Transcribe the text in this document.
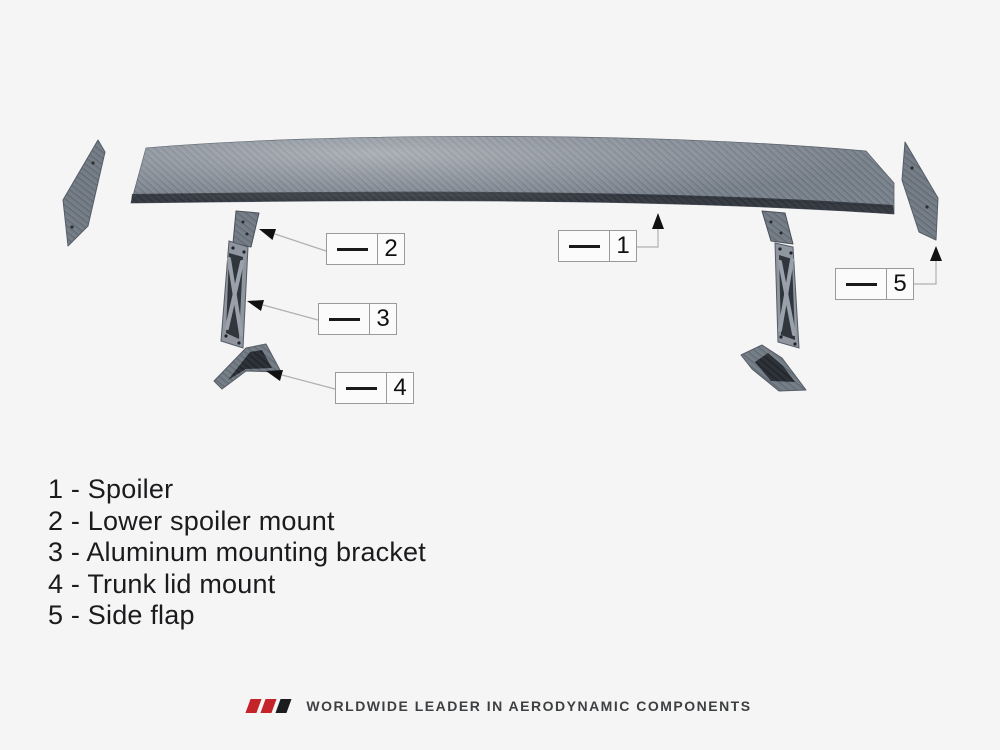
1
2
3
4
5
1 - Spoiler
2 - Lower spoiler mount
3 - Aluminum mounting bracket
4 - Trunk lid mount
5 - Side flap
WORLDWIDE LEADER IN AERODYNAMIC COMPONENTS
